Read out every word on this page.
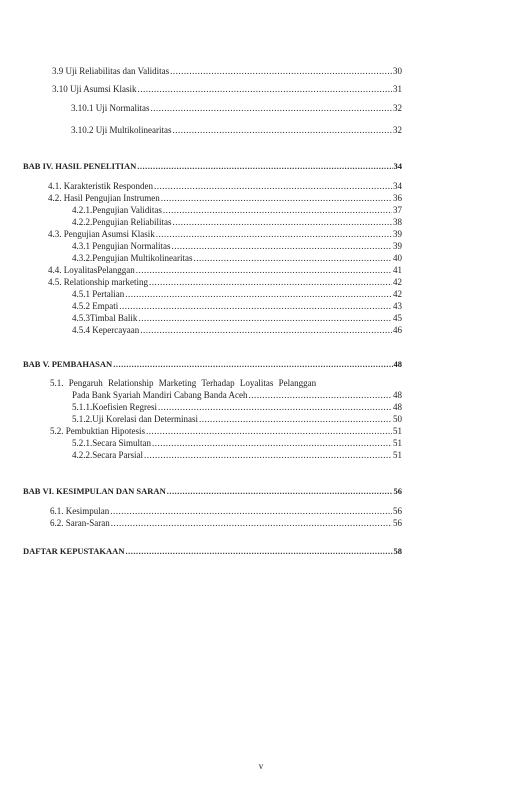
3.9 Uji Reliabilitas dan Validitas .....	30
3.10 Uji Asumsi Klasik .....	31
3.10.1 Uji Normalitas .....	32
3.10.2 Uji Multikolinearitas .....	32
BAB IV. HASIL PENELITIAN .....	34
4.1. Karakteristik Responden .....	34
4.2. Hasil Pengujian Instrumen .....	36
4.2.1.Pengujian Validitas .....	37
4.2.2.Pengujian Reliabilitas .....	38
4.3. Pengujian Asumsi Klasik .....	39
4.3.1 Pengujian Normalitas .....	39
4.3.2.Pengujian Multikolinearitas .....	40
4.4. LoyalitasPelanggan .....	41
4.5. Relationship marketing .....	42
4.5.1 Pertalian .....	42
4.5.2 Empati .....	43
4.5.3Timbal Balik .....	45
4.5.4 Kepercayaan .....	46
BAB V. PEMBAHASAN .....	48
5.1. Pengaruh Relationship Marketing Terhadap Loyalitas Pelanggan
Pada Bank Syariah Mandiri Cabang Banda Aceh .....	48
5.1.1.Koefisien Regresi .....	48
5.1.2.Uji Korelasi dan Determinasi .....	50
5.2. Pembuktian Hipotesis .....	51
5.2.1.Secara Simultan .....	51
4.2.2.Secara Parsial .....	51
BAB VI. KESIMPULAN DAN SARAN .....	56
6.1. Kesimpulan .....	56
6.2. Saran-Saran .....	56
DAFTAR KEPUSTAKAAN .....	58
v
